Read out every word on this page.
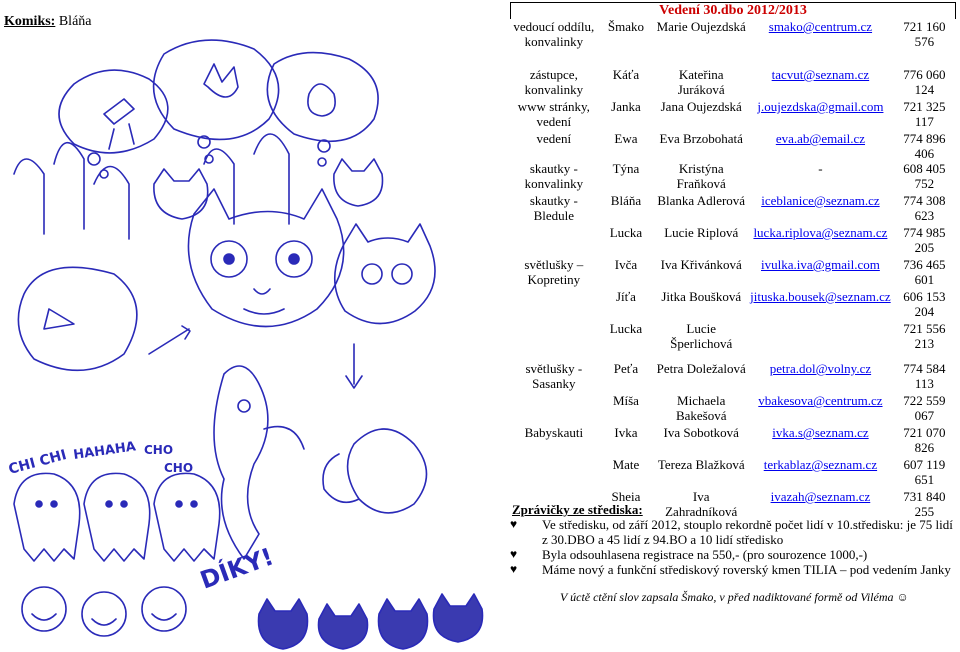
Komiks: Bláňa
CHI CHI HAHAHA CHO
CHO
DÍKY!
Vedení 30.dbo 2012/2013
vedoucí oddílu, konvalinky	Šmako	Marie Oujezdská	smako@centrum.cz	721 160 576
zástupce, konvalinky	Káťa	Kateřina Juráková	tacvut@seznam.cz	776 060 124
www stránky, vedení	Janka	Jana Oujezdská	j.oujezdska@gmail.com	721 325 117
vedení	Ewa	Eva Brzobohatá	eva.ab@email.cz	774 896 406
skautky - konvalinky	Týna	Kristýna Fraňková	-	608 405 752
skautky - Bledule	Bláňa	Blanka Adlerová	iceblanice@seznam.cz	774 308 623
	Lucka	Lucie Riplová	lucka.riplova@seznam.cz	774 985 205
světlušky – Kopretiny	Ivča	Iva Křivánková	ivulka.iva@gmail.com	736 465 601
	Jíťa	Jitka Boušková	jituska.bousek@seznam.cz	606 153 204
	Lucka	Lucie Šperlichová		721 556 213
světlušky - Sasanky	Peťa	Petra Doležalová	petra.dol@volny.cz	774 584 113
	Míša	Michaela Bakešová	vbakesova@centrum.cz	722 559 067
Babyskauti	Ivka	Iva Sobotková	ivka.s@seznam.cz	721 070 826
	Mate	Tereza Blažková	terkablaz@seznam.cz	607 119 651
	Sheia	Iva Zahradníková	ivazah@seznam.cz	731 840 255
Zprávičky ze střediska:
♥ Ve středisku, od září 2012, stouplo rekordně počet lidí v 10.středisku: je 75 lidí z 30.DBO a 45 lidí z 94.BO a 10 lidí středisko
♥ Byla odsouhlasena registrace na 550,- (pro sourozence 1000,-)
♥ Máme nový a funkční střediskový roverský kmen TILIA – pod vedením Janky
V úctě ctění slov zapsala Šmako, v před nadiktované formě od Viléma ☺
